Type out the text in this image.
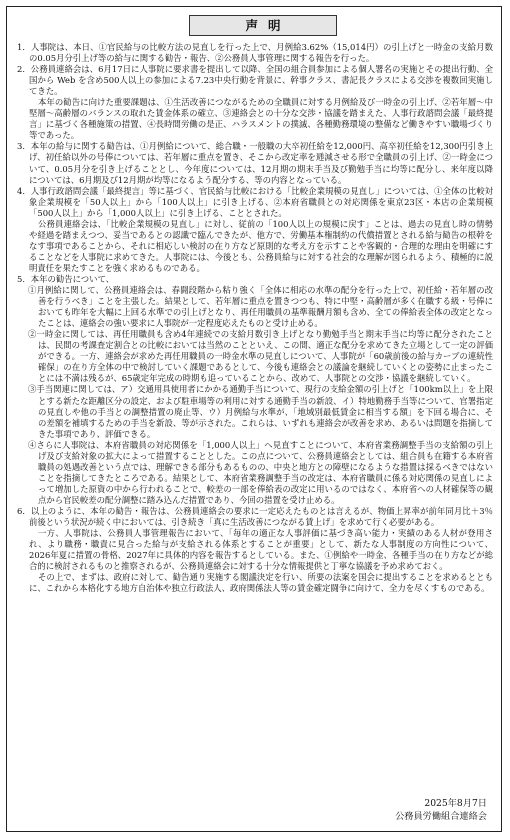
声明

1．人事院は、本日、①官民給与の比較方法の見直しを行った上で、月例給3.62%（15,014円）の引上げと一時金の支給月数の0.05月分引上げ等の給与に関する勧告・報告、②公務員人事管理に関する報告を行った。

2．公務員連絡会は、6月17日に人事院に要求書を提出して以降、全国の組合員参加による個人署名の実施とその提出行動、全国から Web を含め500人以上の参加による7.23中央行動を背景に、幹事クラス、書記長クラスによる交渉を複数回実施してきた。

本年の勧告に向けた重要課題は、①生活改善につながるための全職員に対する月例給及び一時金の引上げ、②若年層～中堅層～高齢層のバランスの取れた賃金体系の確立、③連絡会との十分な交渉・協議を踏まえた、人事行政諮問会議「最終提言」に基づく各種施策の措置、④長時間労働の是正、ハラスメントの撲滅、各種勤務環境の整備など働きやすい職場づくり等であった。

3．本年の給与に関する勧告は、①月例給について、総合職・一般職の大卒初任給を12,000円、高卒初任給を12,300円引き上げ、初任給以外の号俸については、若年層に重点を置き、そこから改定率を逓減させる形で全職員の引上げ、②一時金について、0.05月分を引き上げることとし、今年度については、12月期の期末手当及び勤勉手当に均等に配分し、来年度以降については、6月期及び12月期が均等になるよう配分する、等の内容となっている。

4．人事行政諮問会議「最終提言」等に基づく、官民給与比較における「比較企業規模の見直し」については、①全体の比較対象企業規模を「50人以上」から「100人以上」に引き上げる、②本府省職員との対応関係を東京23区・本店の企業規模「500人以上」から「1,000人以上」に引き上げる、こととされた。

公務員連絡会は、「比較企業規模の見直し」に対し、従前の「100人以上の規模に戻す」ことは、過去の見直し時の情勢や経過を踏まえつつ、妥当であるとの認識で臨んできたが、他方で、労働基本権制約の代償措置とされる給与勧告の根幹をなす事項であることから、それに相応しい検討の在り方など原則的な考え方を示すことや客観的・合理的な理由を明確にすることなどを人事院に求めてきた。人事院には、今後とも、公務員給与に対する社会的な理解が図られるよう、積極的に説明責任を果たすことを強く求めるものである。

5．本年の勧告について、

①月例給に関して、公務員連絡会は、春闘段階から粘り強く「全体に相応の水準の配分を行った上で、初任給・若年層の改善を行うべき」ことを主張した。結果として、若年層に重点を置きつつも、特に中堅・高齢層が多く在職する級・号俸においても昨年を大幅に上回る水準での引上げとなり、再任用職員の基準報酬月額も含め、全ての俸給表全体の改定となったことは、連絡会の強い要求に人事院が一定程度応えたものと受け止める。

②一時金に関しては、再任用職員も含め4年連続での支給月数引き上げとなり勤勉手当と期末手当に均等に配分されたことは、民間の考課査定割合との比較においては当然のことといえ、この間、適正な配分を求めてきた立場として一定の評価ができる。一方、連絡会が求めた再任用職員の一時金水準の見直しについて、人事院が「60歳前後の給与カーブの連続性確保」の在り方全体の中で検討していく課題であるとして、今後も連絡会との議論を継続していくとの姿勢に止まったことには不満は残るが、65歳定年完成の時期も追っていることから、改めて、人事院との交渉・協議を継続していく。

③手当関連に関しては、ア）交通用具使用者にかかる通勤手当について、現行の支給金額の引上げと「100km以上」を上限とする新たな距離区分の設定、および駐車場等の利用に対する通勤手当の新設、イ）特地勤務手当等について、官署指定の見直しや他の手当との調整措置の廃止等、ウ）月例給与水準が、「地域別最低賃金に相当する額」を下回る場合に、その差額を補填するための手当を新設、等が示された。これらは、いずれも連絡会が改善を求め、あるいは問題を指摘してきた事項であり、評価できる。

④さらに人事院は、本府省職員の対応関係を「1,000人以上」へ見直すことについて、本府省業務調整手当の支給額の引上げ及び支給対象の拡大によって措置することとした。この点について、公務員連絡会としては、組合員も在籍する本府省職員の処遇改善という点では、理解できる部分もあるものの、中央と地方との障壁になるような措置は採るべきではないことを指摘してきたところである。結果として、本府省業務調整手当の改定は、本府省職員に係る対応関係の見直しによって増加した原資の中から行われることで、較差の一部を俸給表の改定に用いるのではなく、本府省への人材確保等の観点から官民較差の配分調整に踏み込んだ措置であり、今回の措置を受け止める。

6．以上のように、本年の勧告・報告は、公務員連絡会の要求に一定応えたものとは言えるが、物価上昇率が前年同月比＋3％前後という状況が続く中においては、引き続き「真に生活改善につながる賃上げ」を求めて行く必要がある。

一方、人事院は、公務員人事管理報告において、「毎年の適正な人事評価に基づき高い能力・実績のある人材が登用され、より職務・職責に見合った給与が支給される体系とすることが重要」として、新たな人事制度の方向性について、2026年夏に措置の骨格、2027年に具体的内容を報告するとしている。また、①例給や一時金、各種手当の在り方などが総合的に検討されるものと推察されるが、公務員連絡会に対する十分な情報提供と丁寧な協議を予め求めておく。

その上で、まずは、政府に対して、勧告通り実施する閣議決定を行い、所要の法案を国会に提出することを求めるとともに、これから本格化する地方自治体や独立行政法人、政府関係法人等の賃金確定闘争に向けて、全力を尽くすものである。

2025年8月7日
公務員労働組合連絡会
